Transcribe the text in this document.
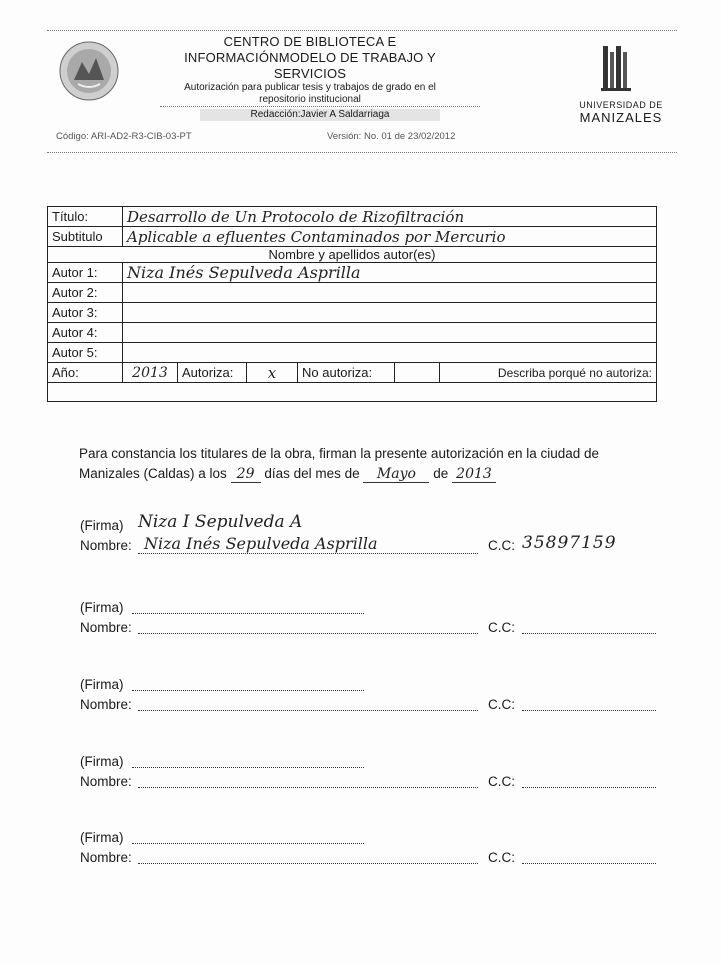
CENTRO DE BIBLIOTECA E
INFORMACIÓNMODELO DE TRABAJO Y
SERVICIOS
Autorización para publicar tesis y trabajos de grado en el
repositorio institucional
Redacción:Javier A Saldarriaga
Código: ARI-AD2-R3-CIB-03-PT	Versión: No. 01 de 23/02/2012
UNIVERSIDAD DE
MANIZALES
Título:	Desarrollo de Un Protocolo de Rizofiltración					
Subtitulo	Aplicable a efluentes Contaminados por Mercurio					
Nombre y apellidos autor(es)						
Autor 1:	Niza Inés Sepulveda Asprilla					
Autor 2:						
Autor 3:						
Autor 4:						
Autor 5:						
Año:	2013	Autoriza:	x	No autoriza:		Describa porqué no autoriza:

Para constancia los titulares de la obra, firman la presente autorización en la ciudad de
Manizales (Caldas) a los 29 días del mes de Mayo de 2013
(Firma) Niza I Sepulveda A
Nombre: Niza Inés Sepulveda Asprilla	C.C: 35897159
(Firma)
Nombre:	C.C:
(Firma)
Nombre:	C.C:
(Firma)
Nombre:	C.C:
(Firma)
Nombre:	C.C:
